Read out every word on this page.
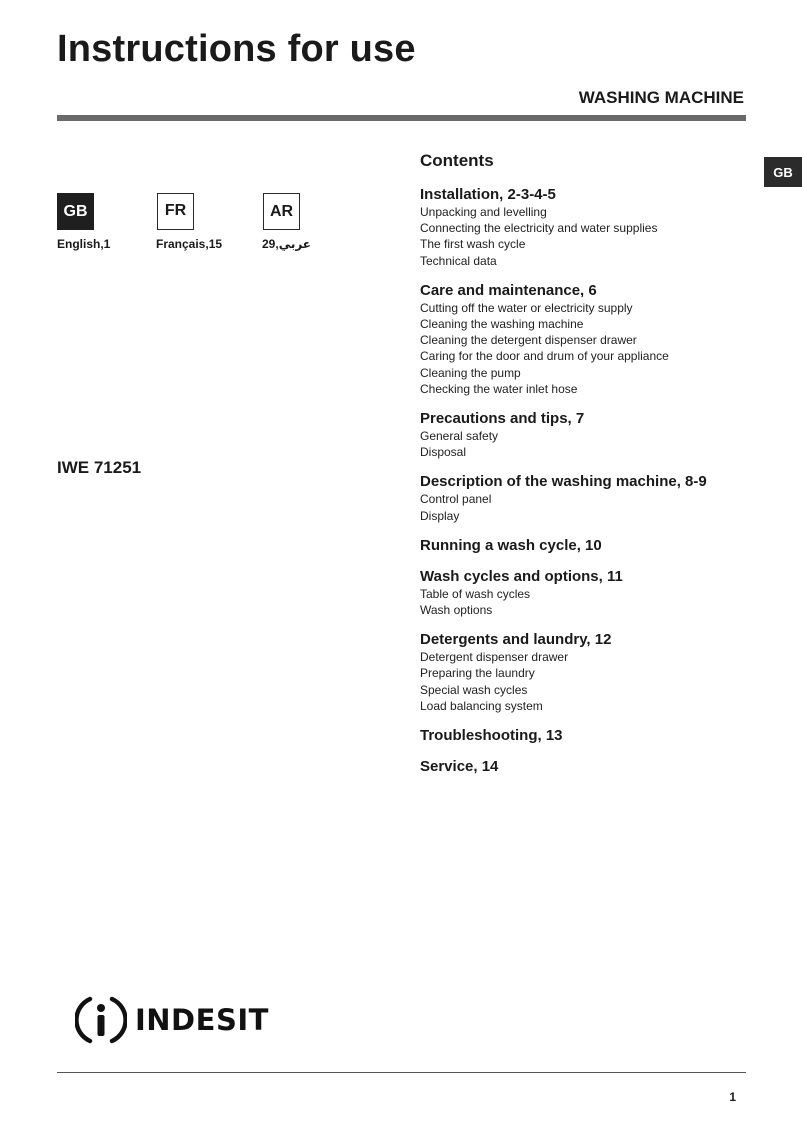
Instructions for use
WASHING MACHINE
GB
GB	FR	AR
English,1	Français,15	عربي,29
IWE 71251
Contents
Installation, 2-3-4-5
Unpacking and levelling
Connecting the electricity and water supplies
The first wash cycle
Technical data
Care and maintenance, 6
Cutting off the water or electricity supply
Cleaning the washing machine
Cleaning the detergent dispenser drawer
Caring for the door and drum of your appliance
Cleaning the pump
Checking the water inlet hose
Precautions and tips, 7
General safety
Disposal
Description of the washing machine, 8-9
Control panel
Display
Running a wash cycle, 10
Wash cycles and options, 11
Table of wash cycles
Wash options
Detergents and laundry, 12
Detergent dispenser drawer
Preparing the laundry
Special wash cycles
Load balancing system
Troubleshooting, 13
Service, 14
INDESIT
1
